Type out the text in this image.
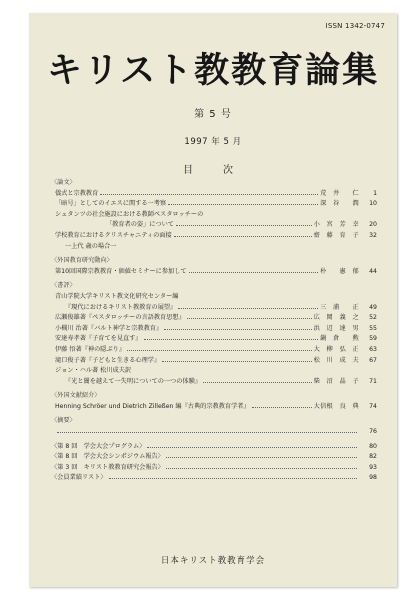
ISSN 1342-0747
キリスト教教育論集
第 5 号
1997 年 5 月
目　次
〈論文〉
儀式と宗教教育	荒　井　　仁	1
「暗号」としてのイエスに関する一考察	深　谷　　潤	10
シュタンツの社会施設における教師ペスタロッチーの
「教育者の姿」について	小　宮　芳　幸	20
学校教育におけるクリスチャニティの面接	齋　藤　育　子	32
一上代 歳の場合一
〈外国教育研究動向〉
第10回国際宗教教育・価値セミナーに参加して	朴　　憲　郁	44
〈書評〉
青山学院大学キリスト教文化研究センター編
『現代におけるキリスト教教育の展望』	三　浦　　正	49
広瀬俊雄著『ペスタロッチーの言語教育思想』	広　岡　義　之	52
小槻川 治著『バルト神学と宗教教育』	浜　辺　達　男	55
安達寿孝著『子育てを見直す』	鍋　倉　　勲	59
伊藤 悟著『神の隠ぷり』	大　柳　弘　正	63
滝口俊子著『子どもと生きる心理学』	松　川　成　夫	67
ジョン・ハル著 松川成夫訳
『光と闇を越えて一失明についての一つの体験』	柴　沼　晶　子	71
〈外国文献紹介〉
Henning Schröer und Dietrich Zilleßen 編『古典的宗教教育学者』	大信根　良　典	74
〈摘要〉
76
〈第 8 回　学会大会プログラム〉	80
〈第 8 回　学会大会シンポジウム報告〉	82
〈第 3 回　キリスト教教育研究会報告〉	93
〈会員業績リスト〉	98
日本キリスト教教育学会
